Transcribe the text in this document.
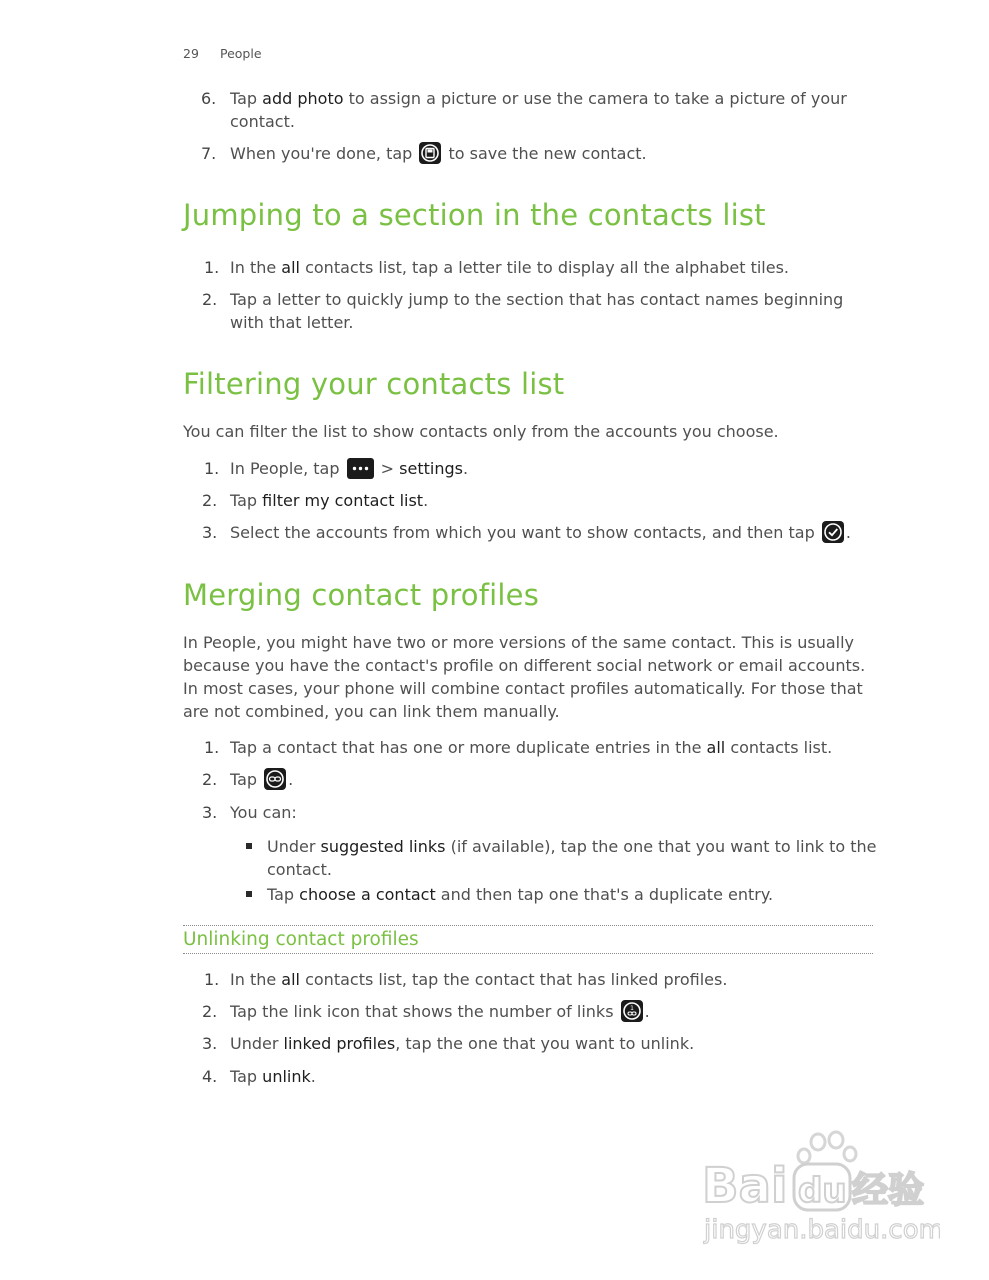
29 People
6. Tap add photo to assign a picture or use the camera to take a picture of your
contact.
7. When you're done, tap  to save the new contact.
Jumping to a section in the contacts list
1. In the all contacts list, tap a letter tile to display all the alphabet tiles.
2. Tap a letter to quickly jump to the section that has contact names beginning
with that letter.
Filtering your contacts list
You can filter the list to show contacts only from the accounts you choose.
1. In People, tap  > settings.
2. Tap filter my contact list.
3. Select the accounts from which you want to show contacts, and then tap .
Merging contact profiles
In People, you might have two or more versions of the same contact. This is usually
because you have the contact's profile on different social network or email accounts.
In most cases, your phone will combine contact profiles automatically. For those that
are not combined, you can link them manually.
1. Tap a contact that has one or more duplicate entries in the all contacts list.
2. Tap .
3. You can:
Under suggested links (if available), tap the one that you want to link to the
contact.
Tap choose a contact and then tap one that's a duplicate entry.
Unlinking contact profiles
1. In the all contacts list, tap the contact that has linked profiles.
2. Tap the link icon that shows the number of links 1 .
3. Under linked profiles, tap the one that you want to unlink.
4. Tap unlink.
Bai du 经验
jingyan.baidu.com
